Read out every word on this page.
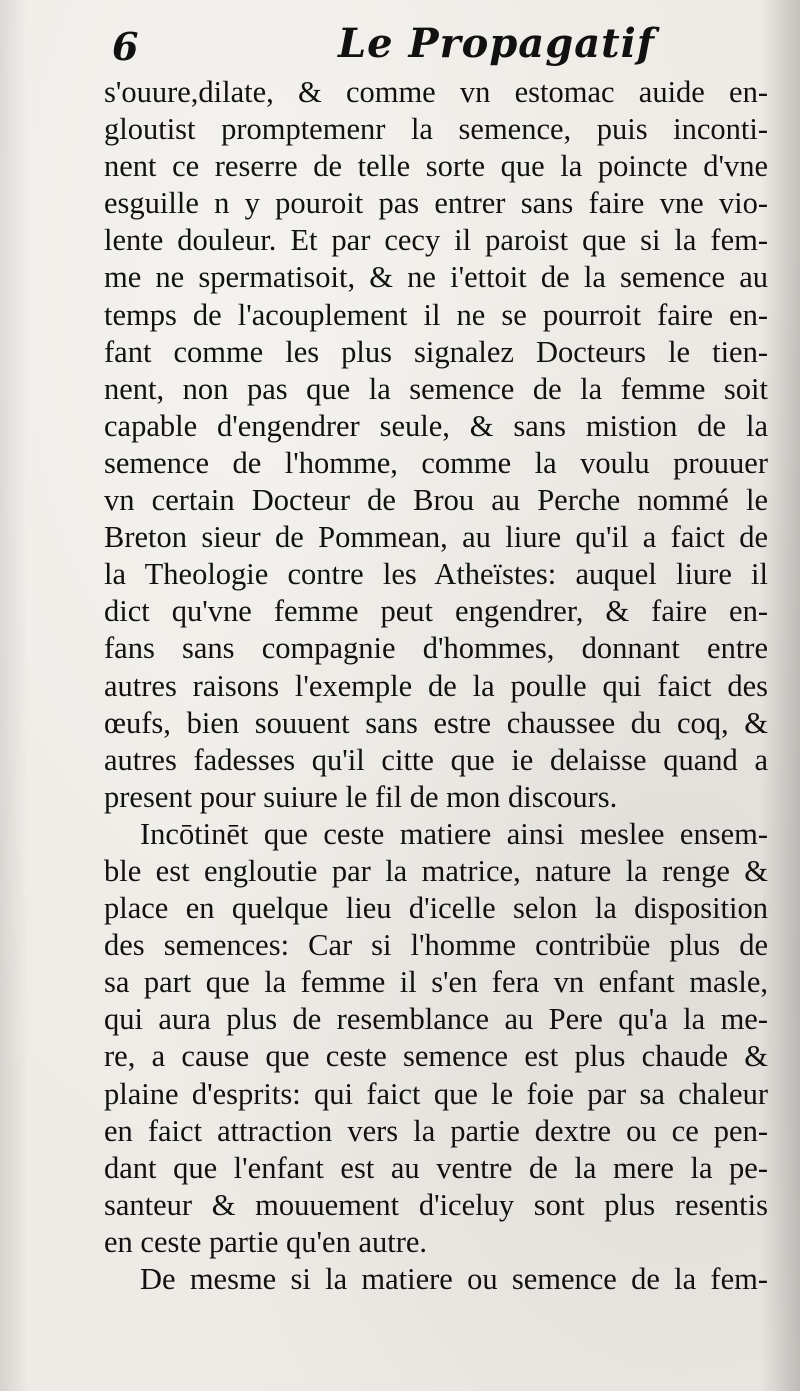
6	Le Propagatif
s'ouure,dilate, & comme vn estomac auide en-
gloutist promptemenr la semence, puis inconti-
nent ce reserre de telle sorte que la poincte d'vne
esguille n y pouroit pas entrer sans faire vne vio-
lente douleur. Et par cecy il paroist que si la fem-
me ne spermatisoit, & ne i'ettoit de la semence au
temps de l'acouplement il ne se pourroit faire en-
fant comme les plus signalez Docteurs le tien-
nent, non pas que la semence de la femme soit
capable d'engendrer seule, & sans mistion de la
semence de l'homme, comme la voulu prouuer
vn certain Docteur de Brou au Perche nommé le
Breton sieur de Pommean, au liure qu'il a faict de
la Theologie contre les Atheïstes: auquel liure il
dict qu'vne femme peut engendrer, & faire en-
fans sans compagnie d'hommes, donnant entre
autres raisons l'exemple de la poulle qui faict des
œufs, bien souuent sans estre chaussee du coq, &
autres fadesses qu'il citte que ie delaisse quand a
present pour suiure le fil de mon discours.
Incōtinēt que ceste matiere ainsi meslee ensem-
ble est engloutie par la matrice, nature la renge &
place en quelque lieu d'icelle selon la disposition
des semences: Car si l'homme contribüe plus de
sa part que la femme il s'en fera vn enfant masle,
qui aura plus de resemblance au Pere qu'a la me-
re, a cause que ceste semence est plus chaude &
plaine d'esprits: qui faict que le foie par sa chaleur
en faict attraction vers la partie dextre ou ce pen-
dant que l'enfant est au ventre de la mere la pe-
santeur & mouuement d'iceluy sont plus resentis
en ceste partie qu'en autre.
De mesme si la matiere ou semence de la fem-
